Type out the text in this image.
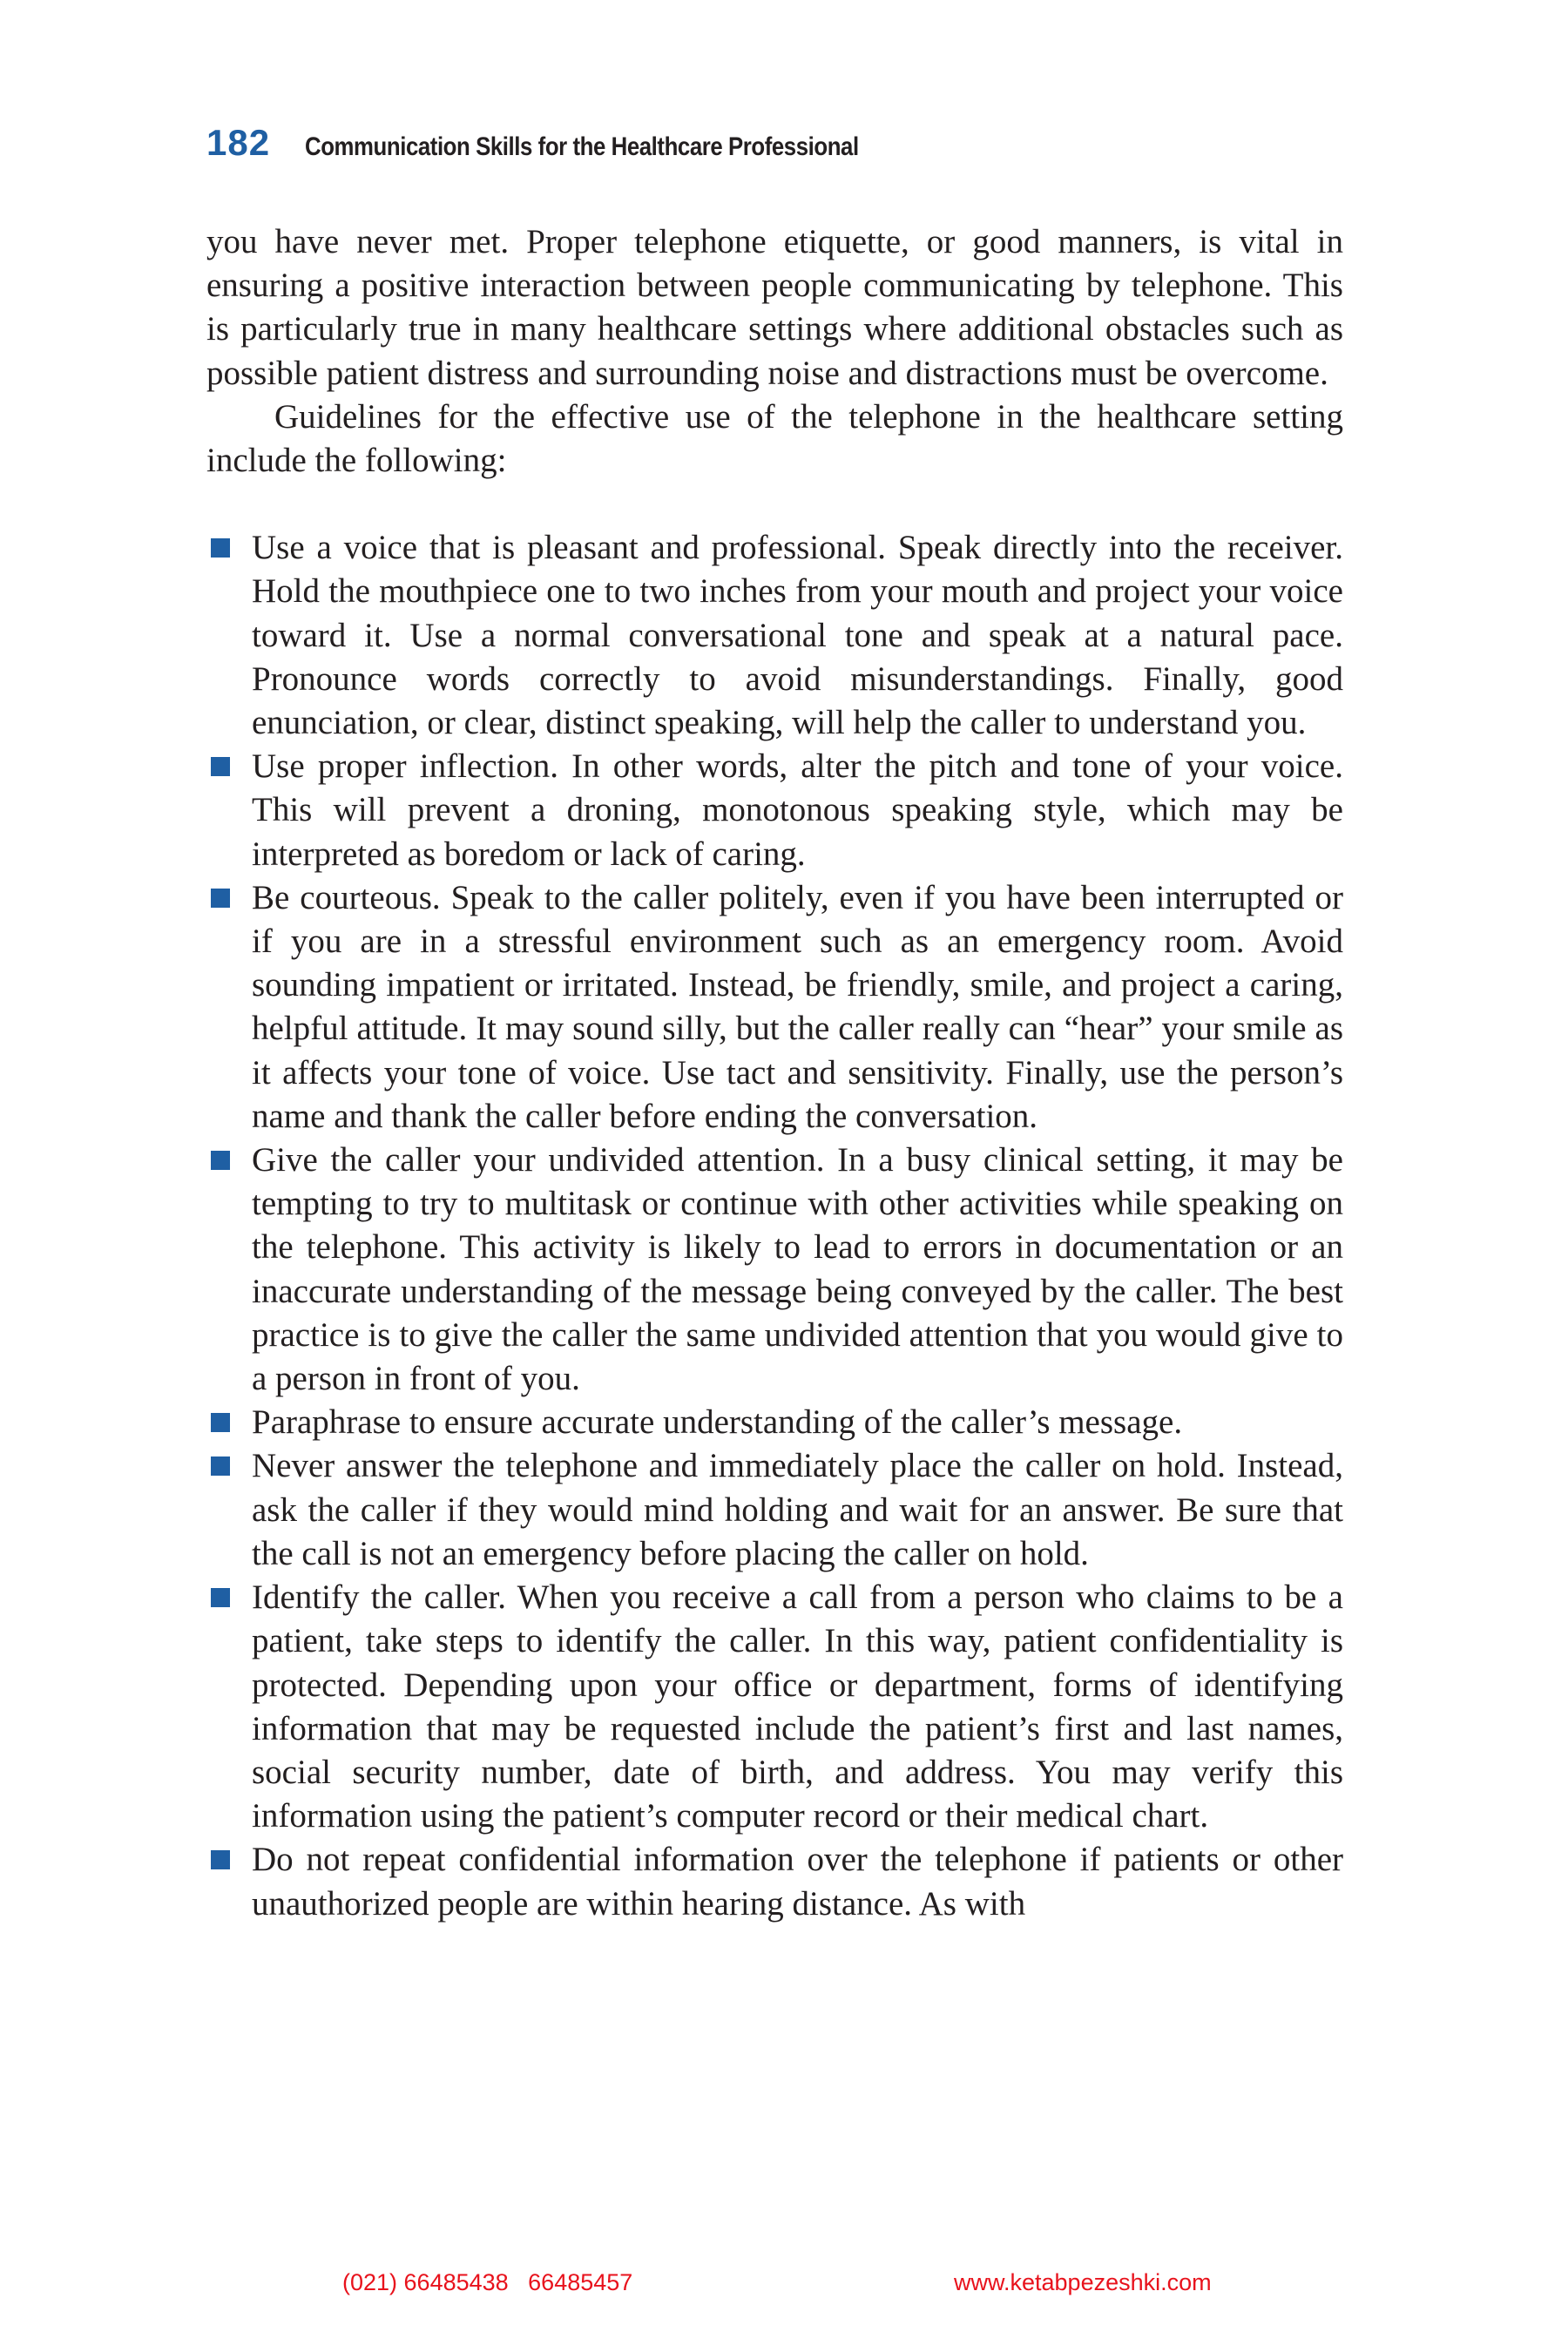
182 Communication Skills for the Healthcare Professional

you have never met. Proper telephone etiquette, or good manners, is vital in ensuring a positive interaction between people communicating by telephone. This is particularly true in many healthcare settings where additional obstacles such as possible patient distress and surrounding noise and distractions must be overcome.

Guidelines for the effective use of the telephone in the healthcare setting include the following:

Use a voice that is pleasant and professional. Speak directly into the receiver. Hold the mouthpiece one to two inches from your mouth and project your voice toward it. Use a normal conversational tone and speak at a natural pace. Pronounce words correctly to avoid misunderstandings. Finally, good enunciation, or clear, distinct speaking, will help the caller to understand you.
Use proper inflection. In other words, alter the pitch and tone of your voice. This will prevent a droning, monotonous speaking style, which may be interpreted as boredom or lack of caring.
Be courteous. Speak to the caller politely, even if you have been interrupted or if you are in a stressful environment such as an emergency room. Avoid sounding impatient or irritated. Instead, be friendly, smile, and project a caring, helpful attitude. It may sound silly, but the caller really can “hear” your smile as it affects your tone of voice. Use tact and sensitivity. Finally, use the person’s name and thank the caller before ending the conversation.
Give the caller your undivided attention. In a busy clinical setting, it may be tempting to try to multitask or continue with other activities while speaking on the telephone. This activity is likely to lead to errors in documentation or an inaccurate understanding of the message being conveyed by the caller. The best practice is to give the caller the same undivided attention that you would give to a person in front of you.
Paraphrase to ensure accurate understanding of the caller’s message.
Never answer the telephone and immediately place the caller on hold. Instead, ask the caller if they would mind holding and wait for an answer. Be sure that the call is not an emergency before placing the caller on hold.
Identify the caller. When you receive a call from a person who claims to be a patient, take steps to identify the caller. In this way, patient confidentiality is protected. Depending upon your office or department, forms of identifying information that may be requested include the patient’s first and last names, social security number, date of birth, and address. You may verify this information using the patient’s computer record or their medical chart.
Do not repeat confidential information over the telephone if patients or other unauthorized people are within hearing distance. As with
(021) 66485438   66485457	www.ketabpezeshki.com
